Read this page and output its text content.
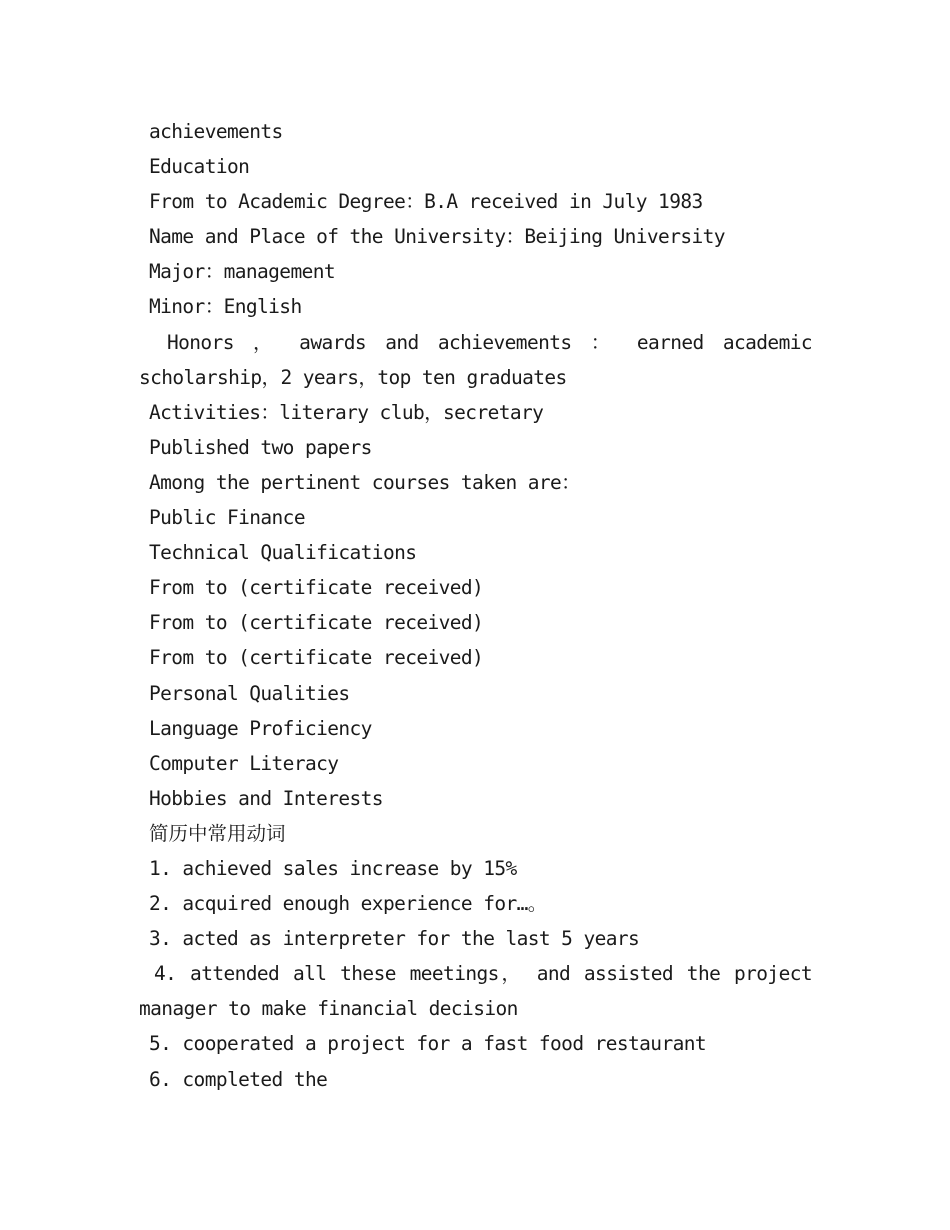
achievements
Education
From to Academic Degree：B.A received in July 1983
Name and Place of the University：Beijing University
Major：management
Minor：English
Honors ， awards and achievements ： earned academic
scholarship，2 years，top ten graduates
Activities：literary club，secretary
Published two papers
Among the pertinent courses taken are：
Public Finance
Technical Qualifications
From to (certificate received)
From to (certificate received)
From to (certificate received)
Personal Qualities
Language Proficiency
Computer Literacy
Hobbies and Interests
简历中常用动词
1. achieved sales increase by 15%
2. acquired enough experience for…。
3. acted as interpreter for the last 5 years
4. attended all these meetings， and assisted the project
manager to make financial decision
5. cooperated a project for a fast food restaurant
6. completed the
